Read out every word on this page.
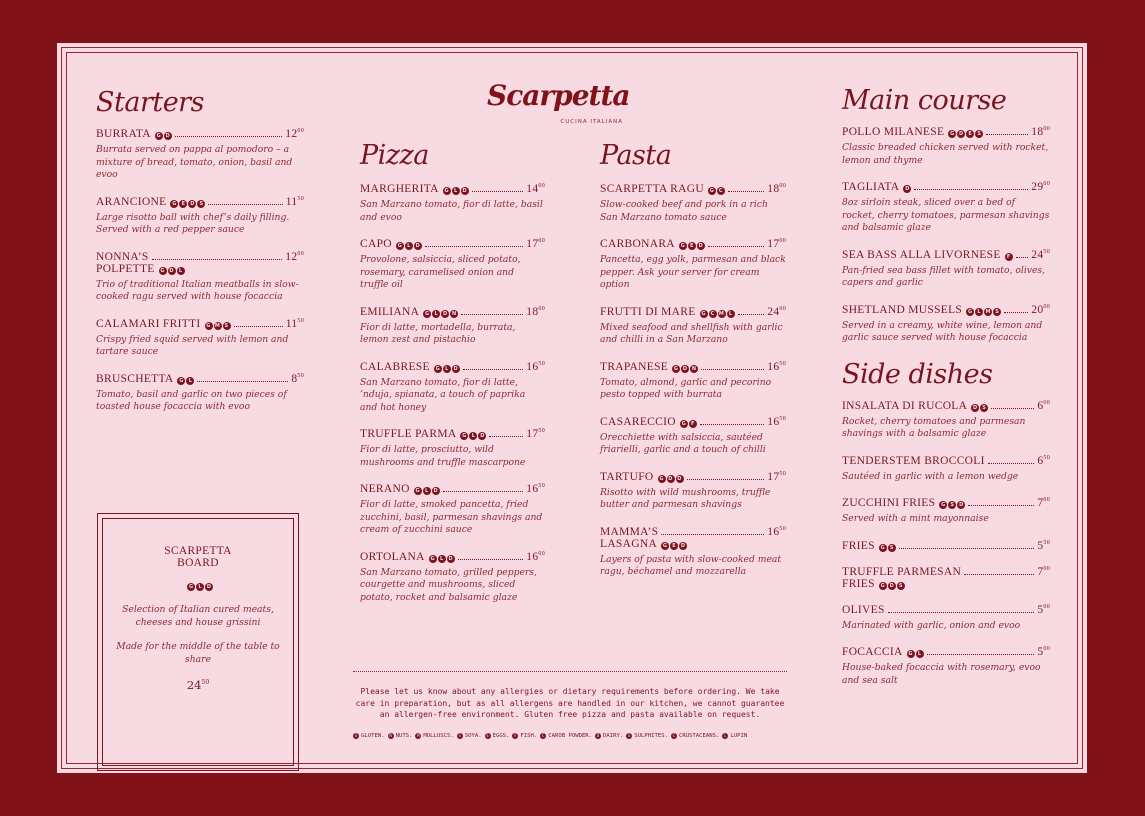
Scarpetta
CUCINA ITALIANA
Starters
BURRATA	G D	$12^{00}$
Burrata served on pappa al pomodoro – a mixture of bread, tomato, onion, basil and evoo
ARANCIONE	G E D S	$11^{50}$
Large risotto ball with chef’s daily filling. Served with a red pepper sauce
NONNA’S	$12^{00}$
POLPETTE	G D	L
Trio of traditional Italian meatballs in slow-cooked ragu served with house focaccia
CALAMARI FRITTI	G M S	$11^{50}$
Crispy fried squid served with lemon and tartare sauce
BRUSCHETTA	G	L	$8^{50}$
Tomato, basil and garlic on two pieces of toasted house focaccia with evoo
SCARPETTA
BOARD
G	L	D
Selection of Italian cured meats, cheeses and house grissini
Made for the middle of the table to share
$24^{50}$
Pizza
MARGHERITA	G	L	D	$14^{00}$
San Marzano tomato, fior di latte, basil and evoo
CAPO	G	L	D	$17^{00}$
Provolone, salsiccia, sliced potato, rosemary, caramelised onion and truffle oil
EMILIANA	G	L	D N	$18^{00}$
Fior di latte, mortadella, burrata, lemon zest and pistachio
CALABRESE	G	L	D	$16^{50}$
San Marzano tomato, fior di latte, ’nduja, spianata, a touch of paprika and hot honey
TRUFFLE PARMA	G	L	D	$17^{50}$
Fior di latte, prosciutto, wild mushrooms and truffle mascarpone
NERANO	G	L	D	$16^{50}$
Fior di latte, smoked pancetta, fried zucchini, basil, parmesan shavings and cream of zucchini sauce
ORTOLANA	G	L	D	$16^{00}$
San Marzano tomato, grilled peppers, courgette and mushrooms, sliced potato, rocket and balsamic glaze
Pasta
SCARPETTA RAGU	G C	$18^{00}$
Slow-cooked beef and pork in a rich San Marzano tomato sauce
CARBONARA	G E D	$17^{00}$
Pancetta, egg yolk, parmesan and black pepper. Ask your server for cream option
FRUTTI DI MARE	G C M L	$24^{00}$
Mixed seafood and shellfish with garlic and chilli in a San Marzano
TRAPANESE	G D N	$16^{50}$
Tomato, almond, garlic and pecorino pesto topped with burrata
CASARECCIO	G F	$16^{50}$
Orecchiette with salsiccia, sautéed friarielli, garlic and a touch of chilli
TARTUFO	G D D	$17^{50}$
Risotto with wild mushrooms, truffle butter and parmesan shavings
MAMMA’S	$16^{50}$
LASAGNA	G E D
Layers of pasta with slow-cooked meat ragu, béchamel and mozzarella
Main course
POLLO MILANESE	G D E	S	$18^{00}$
Classic breaded chicken served with rocket, lemon and thyme
TAGLIATA	D	$29^{00}$
8oz sirloin steak, sliced over a bed of rocket, cherry tomatoes, parmesan shavings and balsamic glaze
SEA BASS ALLA LIVORNESE	F $24^{50}$
Pan-fried sea bass fillet with tomato, olives, capers and garlic
SHETLAND MUSSELS	G	L M S	$20^{00}$
Served in a creamy, white wine, lemon and garlic sauce served with house focaccia
Side dishes
INSALATA DI RUCOLA	D S	$6^{00}$
Rocket, cherry tomatoes and parmesan shavings with a balsamic glaze
TENDERSTEM BROCCOLI	$6^{50}$
Sautéed in garlic with a lemon wedge
ZUCCHINI FRIES	G S D	$7^{00}$
Served with a mint mayonnaise
FRIES	G S	$5^{50}$
TRUFFLE PARMESAN	$7^{00}$
FRIES	G D S
OLIVES	$5^{00}$
Marinated with garlic, onion and evoo
FOCACCIA	G	L	$5^{00}$
House-baked focaccia with rosemary, evoo and sea salt
Please let us know about any allergies or dietary requirements before ordering. We take care in preparation, but as all allergens are handled in our kitchen, we cannot guarantee an allergen-free environment. Gluten free pizza and pasta available on request.
G GLUTEN.	N NUTS.	M MOLLUSCS.	S SOYA.	E EGGS.	F FISH.	C CAROB POWDER.	D DAIRY.	S SULPHITES.	C CRUSTACEANS.	L LUPIN
